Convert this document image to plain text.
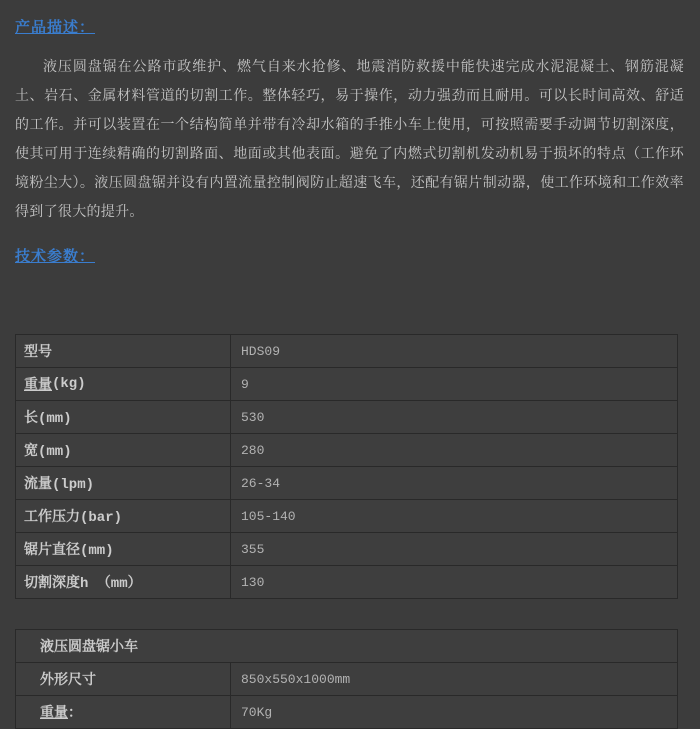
产品描述：

液压圆盘锯在公路市政维护、燃气自来水抢修、地震消防救援中能快速完成水泥混凝土、钢筋混凝土、岩石、金属材料管道的切割工作。整体轻巧，易于操作，动力强劲而且耐用。可以长时间高效、舒适的工作。并可以装置在一个结构简单并带有冷却水箱的手推小车上使用，可按照需要手动调节切割深度，使其可用于连续精确的切割路面、地面或其他表面。避免了内燃式切割机发动机易于损坏的特点（工作环境粉尘大）。液压圆盘锯并设有内置流量控制阀防止超速飞车，还配有锯片制动器，使工作环境和工作效率得到了很大的提升。

技术参数：
型号	HDS09
重量 (kg)	9
长(mm)	530
宽(mm)	280
流量(lpm)	26-34
工作压力(bar)	105-140
锯片直径(mm)	355
切割深度h （mm）	130
液压圆盘锯小车
外形尺寸	850x550x1000mm
重量 ：	70Kg
